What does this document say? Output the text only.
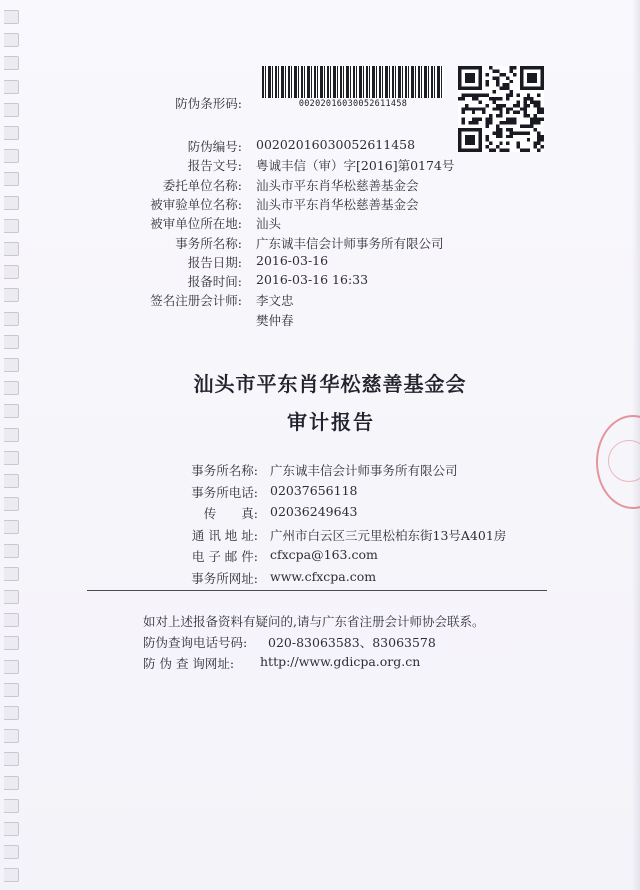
防伪条形码:	00202016030052611458
防伪编号: 00202016030052611458
报告文号: 粤诚丰信（审）字[2016]第0174号
委托单位名称: 汕头市平东肖华松慈善基金会
被审验单位名称: 汕头市平东肖华松慈善基金会
被审单位所在地: 汕头
事务所名称: 广东诚丰信会计师事务所有限公司
报告日期: 2016-03-16
报备时间: 2016-03-16 16:33
签名注册会计师: 李文忠
樊仲春
汕头市平东肖华松慈善基金会
审计报告
事务所名称: 广东诚丰信会计师事务所有限公司
事务所电话: 02037656118
传　　真: 02036249643
通 讯 地 址: 广州市白云区三元里松柏东街13号A401房
电 子 邮 件: cfxcpa@163.com
事务所网址: www.cfxcpa.com
如对上述报备资料有疑问的,请与广东省注册会计师协会联系。
防伪查询电话号码: 020-83063583、83063578
防 伪 查 询网址: http://www.gdicpa.org.cn
